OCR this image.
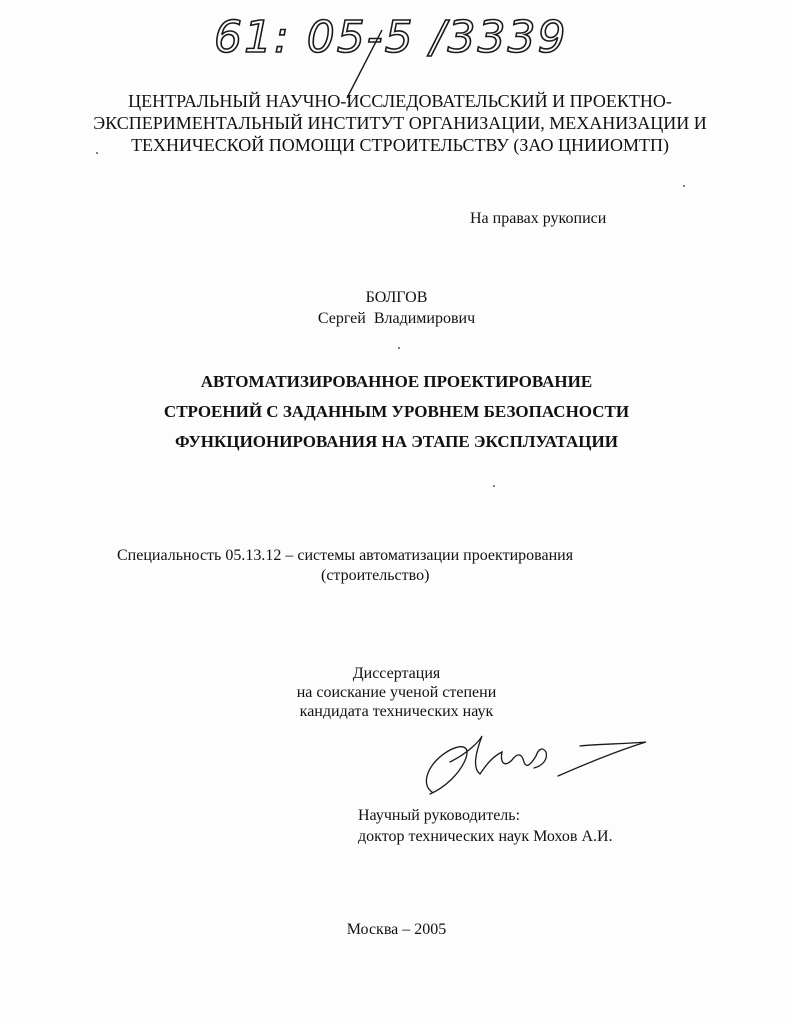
61: 05-5 /3339
ЦЕНТРАЛЬНЫЙ НАУЧНО-ИССЛЕДОВАТЕЛЬСКИЙ И ПРОЕКТНО-
ЭКСПЕРИМЕНТАЛЬНЫЙ ИНСТИТУТ ОРГАНИЗАЦИИ, МЕХАНИЗАЦИИ И
ТЕХНИЧЕСКОЙ ПОМОЩИ СТРОИТЕЛЬСТВУ (ЗАО ЦНИИОМТП)
На правах рукописи
БОЛГОВ
Сергей Владимирович
АВТОМАТИЗИРОВАННОЕ ПРОЕКТИРОВАНИЕ
СТРОЕНИЙ С ЗАДАННЫМ УРОВНЕМ БЕЗОПАСНОСТИ
ФУНКЦИОНИРОВАНИЯ НА ЭТАПЕ ЭКСПЛУАТАЦИИ
Специальность 05.13.12 – системы автоматизации проектирования
(строительство)
Диссертация
на соискание ученой степени
кандидата технических наук
Научный руководитель:
доктор технических наук Мохов А.И.
Москва – 2005
